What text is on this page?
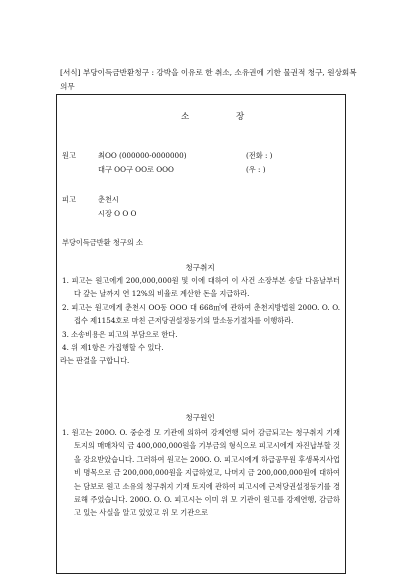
[서식] 부당이득금반환청구 : 강박을 이유로 한 취소, 소유권에 기한 물권적 청구, 원상회복의무
소	장
원고	최OO (000000-0000000)	(전화 : )
대구 OO구 OO로 OOO	(우 : )
피고	춘천시
시장 O O O
부당이득금반환 청구의 소
청구취지

1. 피고는 원고에게 200,000,000원 및 이에 대하여 이 사건 소장부본 송달 다음날부터 다 갚는 날까지 연 12%의 비율로 계산한 돈을 지급하라.

2. 피고는 원고에게 춘천시 OO동 OOO 대 668㎡에 관하여 춘천지방법원 200O. O. O. 접수 제1154호로 마친 근저당권설정등기의 말소등기절차를 이행하라.

3. 소송비용은 피고의 부담으로 한다.

4. 위 제1항은 가집행할 수 있다.

라는 판결을 구합니다.

청구원인

1. 원고는 200O. O. 중순경 모 기관에 의하여 강제연행 되어 감금되고는 청구취지 기재 토지의 매매차익 금 400,000,000원을 기부금의 형식으로 피고시에게 자진납부할 것을 강요받았습니다. 그러하여 원고는 200O. O. 피고시에게 하급공무원 후생복지사업비 명목으로 금 200,000,000원을 지급하였고, 나머지 금 200,000,000원에 대하여는 담보로 원고 소유의 청구취지 기재 토지에 관하여 피고시에 근저당권설정등기를 경료해 주었습니다. 200O. O. O. 피고시는 이미 위 모 기관이 원고를 강제연행, 감금하고 있는 사실을 알고 있었고 위 모 기관으로
